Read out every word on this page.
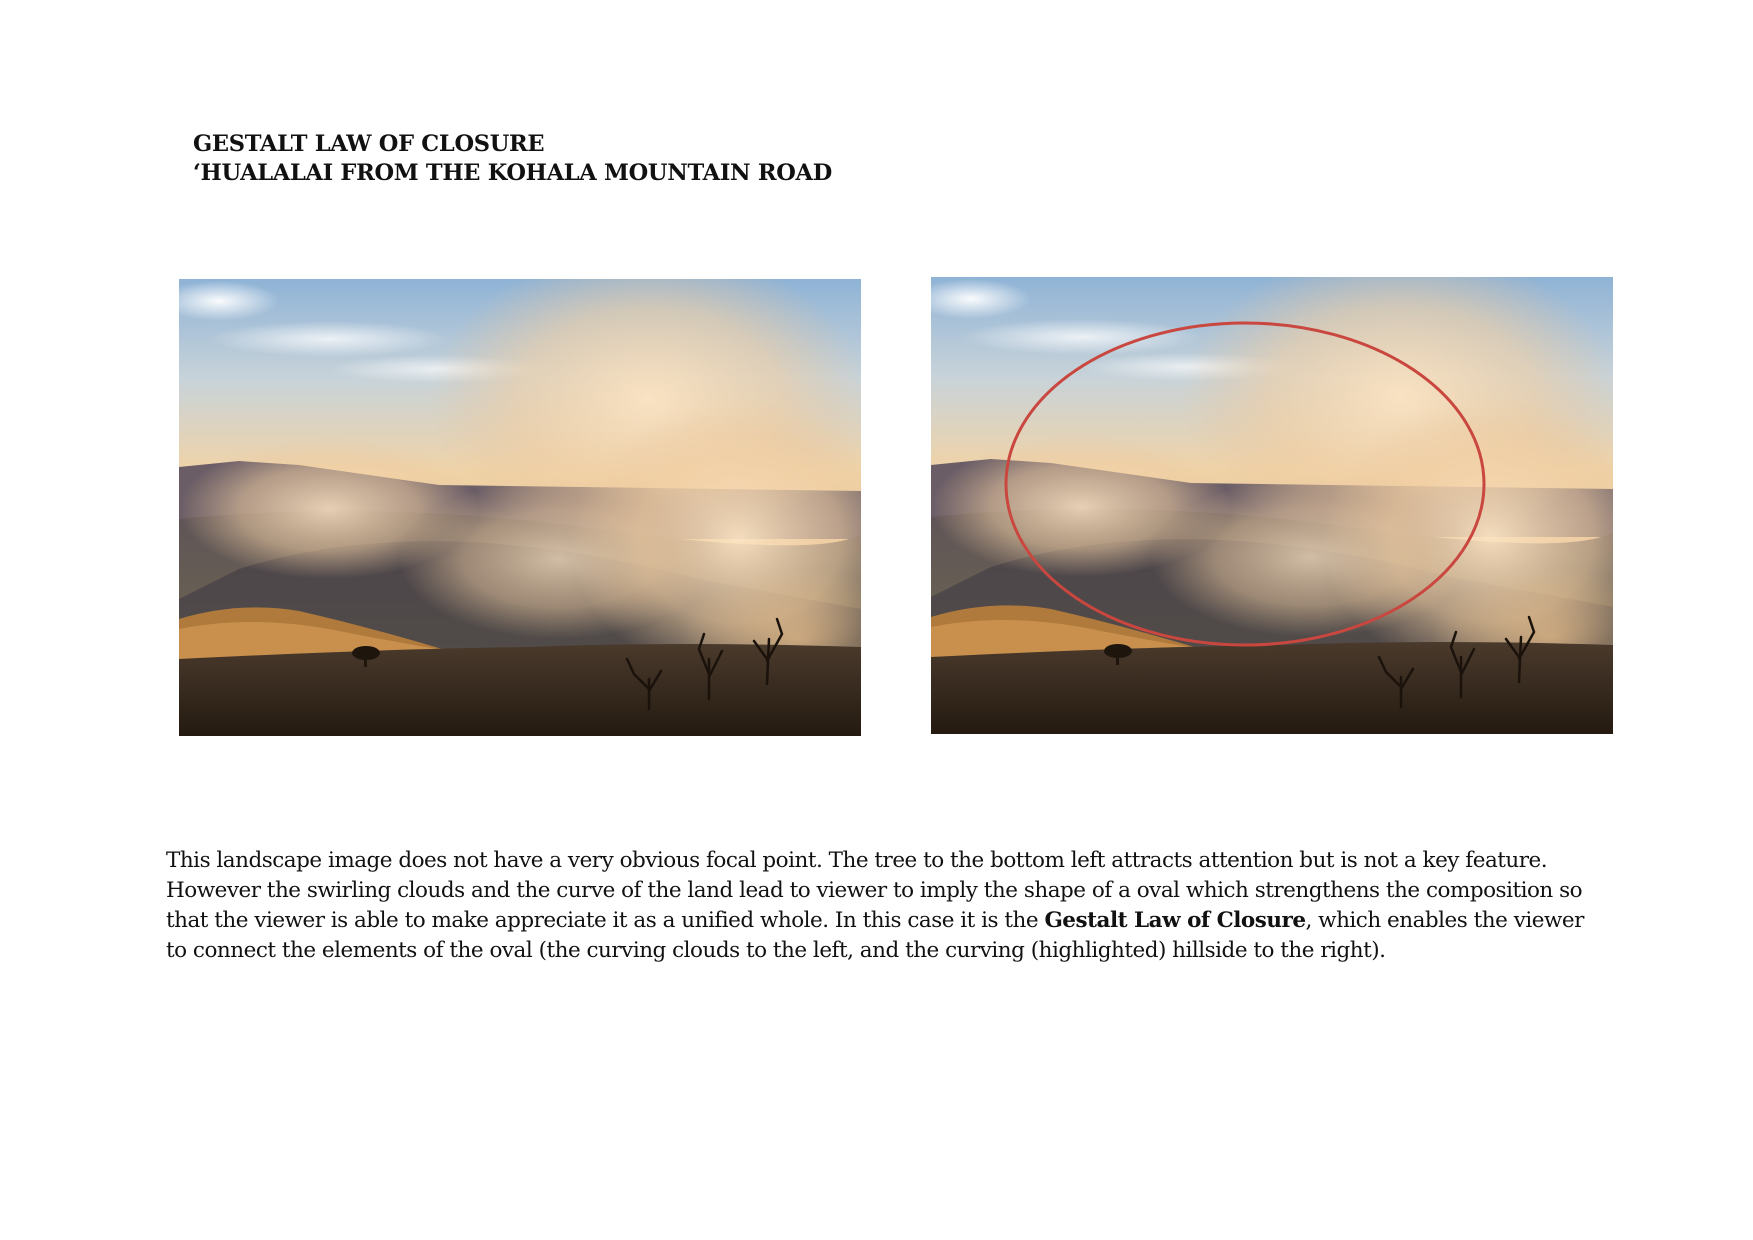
GESTALT LAW OF CLOSURE
‘HUALALAI FROM THE KOHALA MOUNTAIN ROAD
This landscape image does not have a very obvious focal point. The tree to the bottom left attracts attention but is not a key feature.
However the swirling clouds and the curve of the land lead to viewer to imply the shape of a oval which strengthens the composition so
that the viewer is able to make appreciate it as a unified whole. In this case it is the Gestalt Law of Closure, which enables the viewer
to connect the elements of the oval (the curving clouds to the left, and the curving (highlighted) hillside to the right).
